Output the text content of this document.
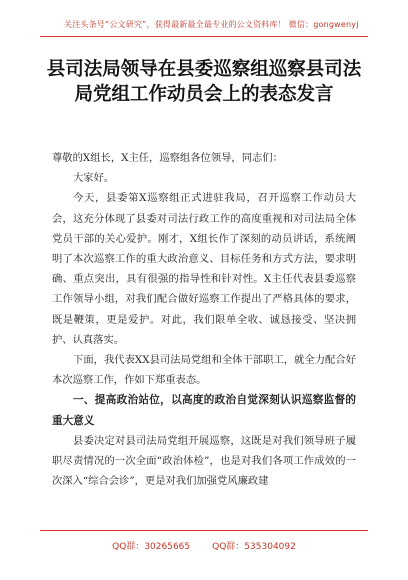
关注头条号“公文研究”，获得最新最全最专业的公文资料库！ 微信：gongwenyj
县司法局领导在县委巡察组巡察县司法局党组工作动员会上的表态发言

尊敬的X组长，X主任，巡察组各位领导，同志们：

大家好。

今天，县委第X巡察组正式进驻我局，召开巡察工作动员大会，这充分体现了县委对司法行政工作的高度重视和对司法局全体党员干部的关心爱护。刚才，X组长作了深刻的动员讲话，系统阐明了本次巡察工作的重大政治意义、目标任务和方式方法，要求明确、重点突出，具有很强的指导性和针对性。X主任代表县委巡察工作领导小组，对我们配合做好巡察工作提出了严格具体的要求，既是鞭策，更是爱护。对此，我们限单全收、诚恳接受、坚决拥护、认真落实。

下面，我代表XX县司法局党组和全体干部职工，就全力配合好本次巡察工作，作如下郑重表态。

一、提高政治站位，以高度的政治自觉深刻认识巡察监督的重大意义

县委决定对县司法局党组开展巡察，这既是对我们领导班子履职尽责情况的一次全面“政治体检”，也是对我们各项工作成效的一次深入“综合会诊”，更是对我们加强党风廉政建

QQ群：30265665 QQ群：535304092
